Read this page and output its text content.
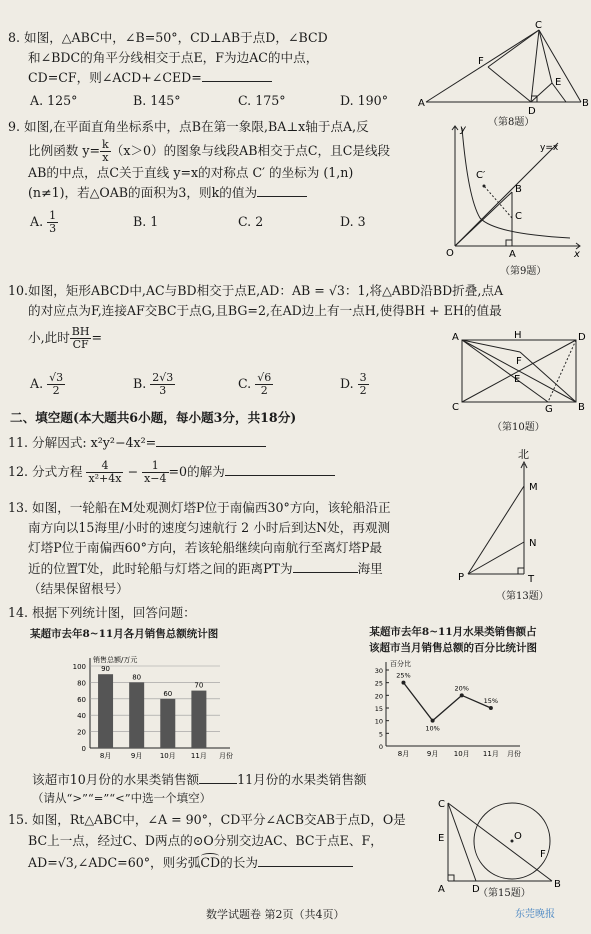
8. 如图，△ABC中，∠B=50°，CD⊥AB于点D，∠BCD
和∠BDC的角平分线相交于点E，F为边AC的中点，
CD=CF，则∠ACD+∠CED=
A. 125°	B. 145°	C. 175°	D. 190°	A	B
C
D
E
F
（第8题）
9. 如图,在平面直角坐标系中，点B在第一象限,BA⊥x轴于点A,反
比例函数 $y= \frac{k}{x} (x>0)$的图象与线段AB相交于点C，且C是线段
AB的中点，点C关于直线 y=x的对称点 C′ 的坐标为 (1,n)
(n≠1)，若△OAB的面积为3，则k的值为
A. $\frac{1}{3}$	B. 1	C. 2	D. 3
y
y=x
C′
B
C
O	A	x
（第9题）
10.如图，矩形ABCD中,AC与BD相交于点E,AD：AB = √3：1,将△ABD沿BD折叠,点A
的对应点为F,连接AF交BC于点G,且BG=2,在AD边上有一点H,使得BH + EH的值最
小,此时 $\frac{BH}{CF}$ =
A. $\frac{√3}{2}$	B. $\frac{2√3}{3}$	C. $\frac{√6}{2}$	D. $\frac{3}{2}$
A	H	D
F
E
C	G	B
（第10题）
二、填空题(本大题共6小题，每小题3分，共18分)
11. 分解因式: x²y²−4x²=
12. 分式方程 $\frac{4}{\text{x²+4x}} - \frac{1}{x-4} =0$的解为
13. 如图，一轮船在M处观测灯塔P位于南偏西30°方向，该轮船沿正
南方向以15海里/小时的速度匀速航行 2 小时后到达N处，再观测
灯塔P位于南偏西60°方向，若该轮船继续向南航行至离灯塔P最
近的位置T处，此时轮船与灯塔之间的距离PT为	海里
（结果保留根号）
北
M
N
P	T
（第13题）
14. 根据下列统计图，回答问题：
某超市去年8~11月各月销售总额统计图	某超市去年8~11月水果类销售额占
该超市当月销售总额的百分比统计图
0
20
40
60
80
100
销售总额/万元
90
8月
80
9月
60
10月
70
11月 月份
0
5
10
15
20
25
30
百分比
25%
8月
10%
9月
20%
10月
15%
11月 月份
该超市10月份的水果类销售额	11月份的水果类销售额
（请从“>”“=”“<”中选一个填空）
15. 如图，Rt△ABC中，∠A = 90°，CD平分∠ACB交AB于点D，O是
BC上一点，经过C、D两点的⊙O分别交边AC、BC于点E、F，
AD=√3,∠ADC=60°，则劣弧
CD的长为
C
E	O
F
D
A	B
（第15题）
数学试题卷 第2页（共4页）	东莞晚报
